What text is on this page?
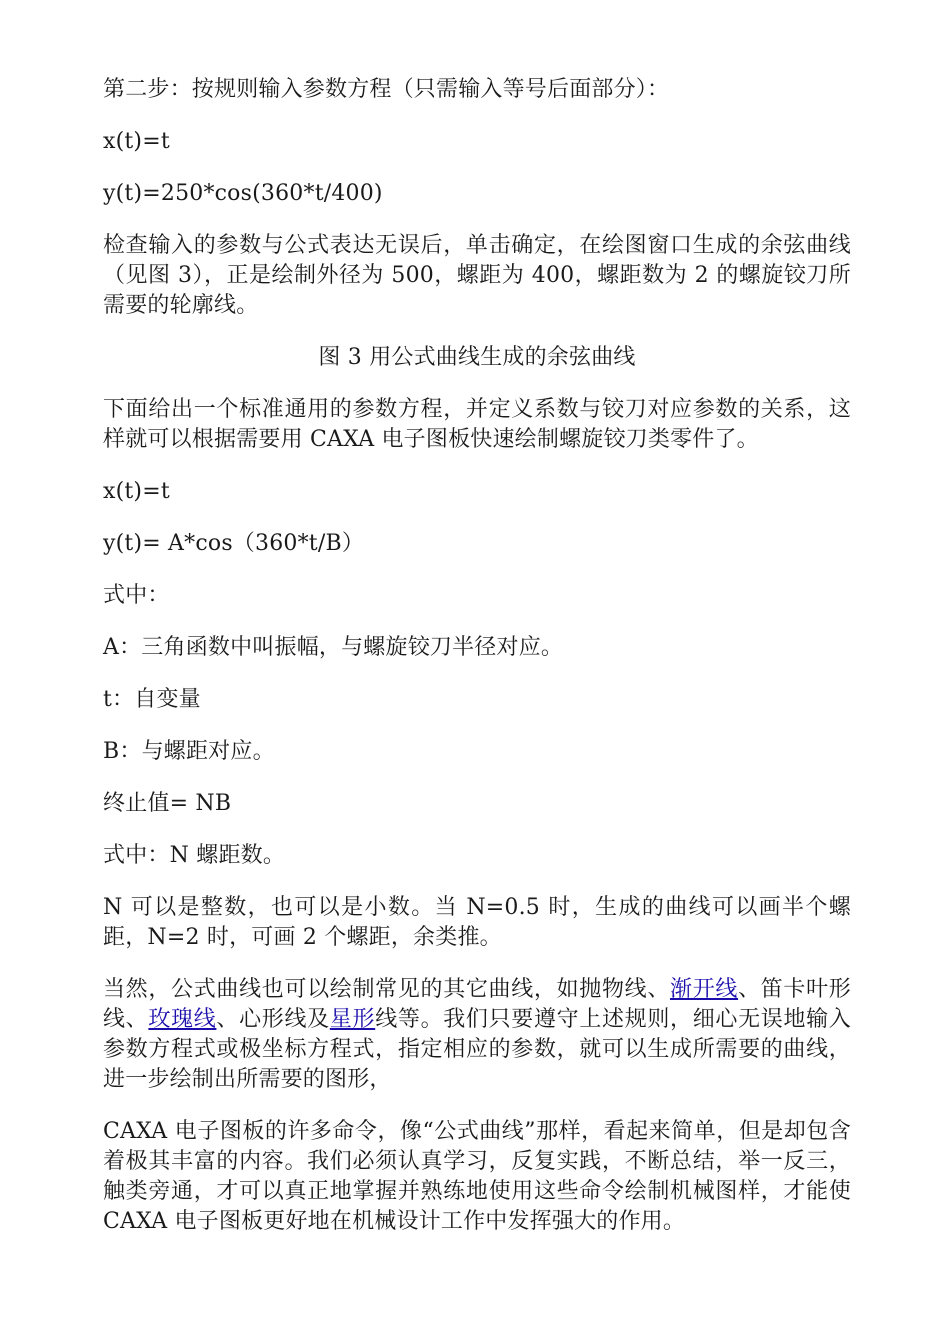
第二步：按规则输入参数方程（只需输入等号后面部分）：

x(t)=t

y(t)=250*cos(360*t/400)

检查输入的参数与公式表达无误后，单击确定，在绘图窗口生成的余弦曲线（见图 3），正是绘制外径为 500，螺距为 400，螺距数为 2 的螺旋铰刀所需要的轮廓线。

图 3 用公式曲线生成的余弦曲线

下面给出一个标准通用的参数方程，并定义系数与铰刀对应参数的关系，这样就可以根据需要用 CAXA 电子图板快速绘制螺旋铰刀类零件了。

x(t)=t

y(t)= A*cos（360*t/B）

式中：

A：三角函数中叫振幅，与螺旋铰刀半径对应。

t：自变量

B：与螺距对应。

终止值= NB

式中：N 螺距数。

N 可以是整数，也可以是小数。当 N=0.5 时，生成的曲线可以画半个螺距，N=2 时，可画 2 个螺距，余类推。

当然，公式曲线也可以绘制常见的其它曲线，如抛物线、渐开线、笛卡叶形线、玫瑰线、心形线及星形线等。我们只要遵守上述规则，细心无误地输入参数方程式或极坐标方程式，指定相应的参数，就可以生成所需要的曲线，进一步绘制出所需要的图形，

CAXA 电子图板的许多命令，像“公式曲线”那样，看起来简单，但是却包含着极其丰富的内容。我们必须认真学习，反复实践，不断总结，举一反三，触类旁通，才可以真正地掌握并熟练地使用这些命令绘制机械图样，才能使 CAXA 电子图板更好地在机械设计工作中发挥强大的作用。
